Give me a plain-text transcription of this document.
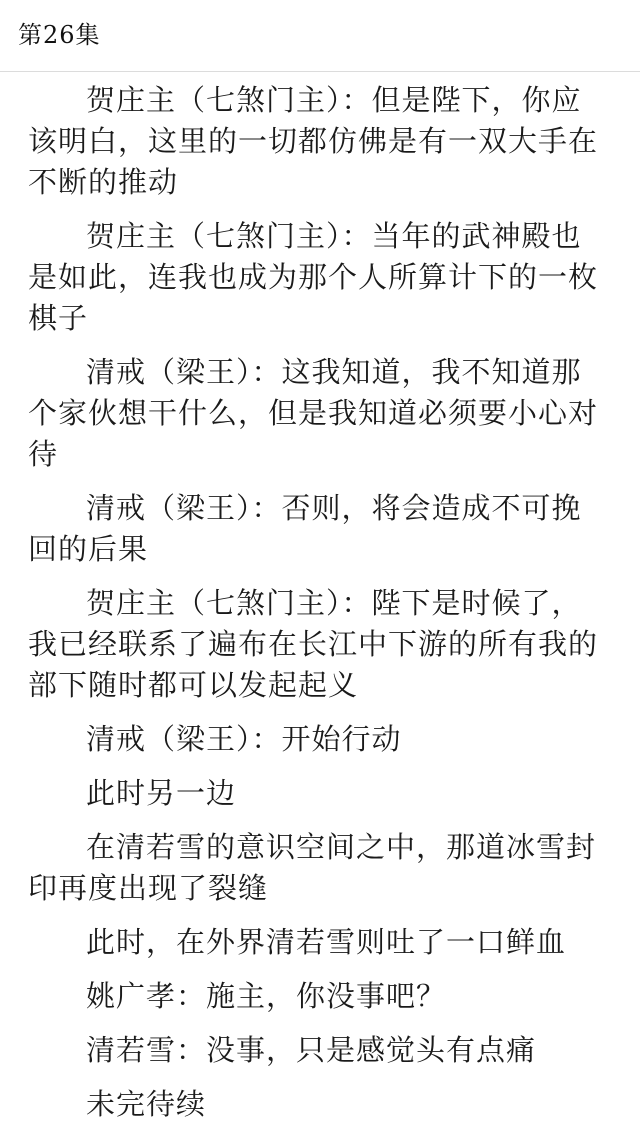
第26集

贺庄主（七煞门主）：但是陛下，你应该明白，这里的一切都仿佛是有一双大手在不断的推动

贺庄主（七煞门主）：当年的武神殿也是如此，连我也成为那个人所算计下的一枚棋子

清戒（梁王）：这我知道，我不知道那个家伙想干什么，但是我知道必须要小心对待

清戒（梁王）：否则，将会造成不可挽回的后果

贺庄主（七煞门主）：陛下是时候了，我已经联系了遍布在长江中下游的所有我的部下随时都可以发起起义

清戒（梁王）：开始行动

此时另一边

在清若雪的意识空间之中，那道冰雪封印再度出现了裂缝

此时，在外界清若雪则吐了一口鲜血

姚广孝：施主，你没事吧？

清若雪：没事，只是感觉头有点痛

未完待续
